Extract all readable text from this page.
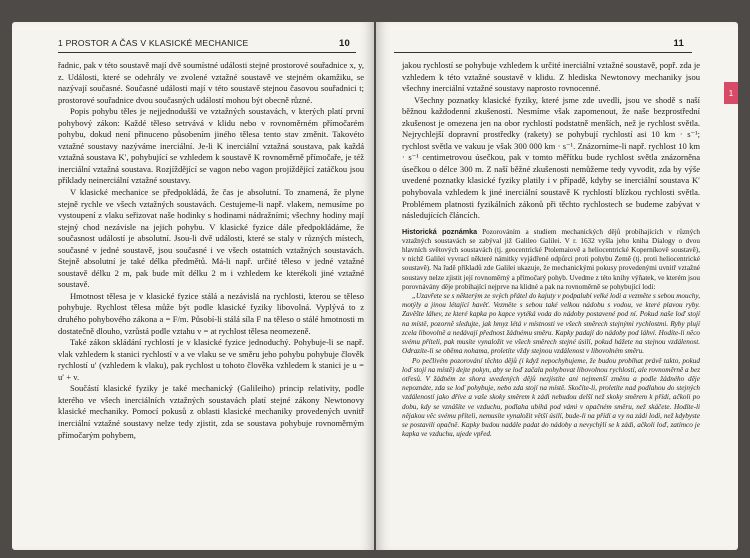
1 PROSTOR A ČAS V KLASICKÉ MECHANICE	10

řadnic, pak v této soustavě mají dvě soumístné události stejné prostorové souřadnice x, y, z. Události, které se odehrály ve zvolené vztažné soustavě ve stejném okamžiku, se nazývají současné. Současné události mají v této soustavě stejnou časovou souřadnici t; prostorové souřadnice dvou současných událostí mohou být obecně různé.

Popis pohybu těles je nejjednodušší ve vztažných soustavách, v kterých platí první pohybový zákon: Každé těleso setrvává v klidu nebo v rovnoměrném přímočarém pohybu, dokud není přinuceno působením jiného tělesa tento stav změnit. Takovéto vztažné soustavy nazýváme inerciální. Je-li K inerciální vztažná soustava, pak každá vztažná soustava K′, pohybující se vzhledem k soustavě K rovnoměrně přímočaře, je též inerciální vztažná soustava. Rozjíždějící se vagon nebo vagon projíždějící zatáčkou jsou příklady neinerciální vztažné soustavy.

V klasické mechanice se předpokládá, že čas je absolutní. To znamená, že plyne stejně rychle ve všech vztažných soustavách. Cestujeme-li např. vlakem, nemusíme po vystoupení z vlaku seřizovat naše hodinky s hodinami nádražními; všechny hodiny mají stejný chod nezávisle na jejich pohybu. V klasické fyzice dále předpokládáme, že současnost událostí je absolutní. Jsou-li dvě události, které se staly v různých místech, současné v jedné soustavě, jsou současné i ve všech ostatních vztažných soustavách. Stejně absolutní je také délka předmětů. Má-li např. určité těleso v jedné vztažné soustavě délku 2 m, pak bude mít délku 2 m i vzhledem ke kterékoli jiné vztažné soustavě.

Hmotnost tělesa je v klasické fyzice stálá a nezávislá na rychlosti, kterou se těleso pohybuje. Rychlost tělesa může být podle klasické fyziky libovolná. Vyplývá to z druhého pohybového zákona a = F/m. Působí-li stálá síla F na těleso o stálé hmotnosti m dostatečně dlouho, vzrůstá podle vztahu v = at rychlost tělesa neomezeně.

Také zákon skládání rychlostí je v klasické fyzice jednoduchý. Pohybuje-li se např. vlak vzhledem k stanici rychlostí v a ve vlaku se ve směru jeho pohybu pohybuje člověk rychlostí u′ (vzhledem k vlaku), pak rychlost u tohoto člověka vzhledem k stanici je u = u′ + v.

Součástí klasické fyziky je také mechanický (Galileiho) princip relativity, podle kterého ve všech inerciálních vztažných soustavách platí stejné zákony Newtonovy klasické mechaniky. Pomocí pokusů z oblasti klasické mechaniky provedených uvnitř inerciální vztažné soustavy nelze tedy zjistit, zda se soustava pohybuje rovnoměrným přímočarým pohybem,

11
1

jakou rychlostí se pohybuje vzhledem k určité inerciální vztažné soustavě, popř. zda je vzhledem k této vztažné soustavě v klidu. Z hlediska Newtonovy mechaniky jsou všechny inerciální vztažné soustavy naprosto rovnocenné.

Všechny poznatky klasické fyziky, které jsme zde uvedli, jsou ve shodě s naší běžnou každodenní zkušeností. Nesmíme však zapomenout, že naše bezprostřední zkušenost je omezena jen na obor rychlostí podstatně menších, než je rychlost světla. Nejrychlejší dopravní prostředky (rakety) se pohybují rychlostí asi 10 km · s⁻¹; rychlost světla ve vakuu je však 300 000 km · s⁻¹. Znázorníme-li např. rychlost 10 km · s⁻¹ centimetrovou úsečkou, pak v tomto měřítku bude rychlost světla znázorněna úsečkou o délce 300 m. Z naší běžné zkušenosti nemůžeme tedy vyvodit, zda by výše uvedené poznatky klasické fyziky platily i v případě, kdyby se inerciální soustava K′ pohybovala vzhledem k jiné inerciální soustavě K rychlostí blízkou rychlosti světla. Problémem platnosti fyzikálních zákonů při těchto rychlostech se budeme zabývat v následujících článcích.

Historická poznámka Pozorováním a studiem mechanických dějů probíhajících v různých vztažných soustavách se zabýval již Galileo Galilei. V r. 1632 vyšla jeho kniha Dialogy o dvou hlavních světových soustavách (tj. geocentrické Ptolemaiově a heliocentrické Koperníkově soustavě), v nichž Galilei vyvrací některé námitky vyjádřené odpůrci proti pohybu Země (tj. proti heliocentrické soustavě). Na řadě příkladů zde Galilei ukazuje, že mechanickými pokusy provedenými uvnitř vztažné soustavy nelze zjistit její rovnoměrný a přímočarý pohyb. Uvedme z této knihy výňatek, ve kterém jsou porovnávány děje probíhající nejprve na klidné a pak na rovnoměrně se pohybující lodi:

„Uzavřete se s některým ze svých přátel do kajuty v podpalubí velké lodi a vezměte s sebou mouchy, motýly a jinou létající havěť. Vezměte s sebou také velkou nádobu s vodou, ve které plavou ryby. Zavěšte láhev, ze které kapka po kapce vytéká voda do nádoby postavené pod ní. Pokud naše loď stojí na místě, pozorně sledujte, jak hmyz létá v místnosti ve všech směrech stejnými rychlostmi. Ryby plují zcela libovolně a nedávají přednost žádnému směru. Kapky padají do nádoby pod láhví. Hodíte-li něco svému příteli, pak musíte vynaložit ve všech směrech stejné úsilí, pokud hážete na stejnou vzdálenost. Odrazíte-li se oběma nohama, proletíte vždy stejnou vzdálenost v libovolném směru.

Po pečlivém pozorování těchto dějů (i když nepochybujeme, že budou probíhat právě takto, pokud loď stojí na místě) dejte pokyn, aby se loď začala pohybovat libovolnou rychlostí, ale rovnoměrně a bez otřesů. V žádném ze shora uvedených dějů nezjistíte ani nejmenší změnu a podle žádného děje nepoznáte, zda se loď pohybuje, nebo zda stojí na místě. Skočíte-li, proletíte nad podlahou do stejných vzdáleností jako dříve a vaše skoky směrem k zádi nebudou delší než skoky směrem k přídi, ačkoli po dobu, kdy se vznášíte ve vzduchu, podlaha ubíhá pod vámi v opačném směru, než skáčete. Hodíte-li nějakou věc svému příteli, nemusíte vynaložit větší úsilí, bude-li na přídi a vy na zádi lodi, než kdybyste se postavili opačně. Kapky budou nadále padat do nádoby a nevychýlí se k zádi, ačkoli loď, zatímco je kapka ve vzduchu, ujede vpřed.
